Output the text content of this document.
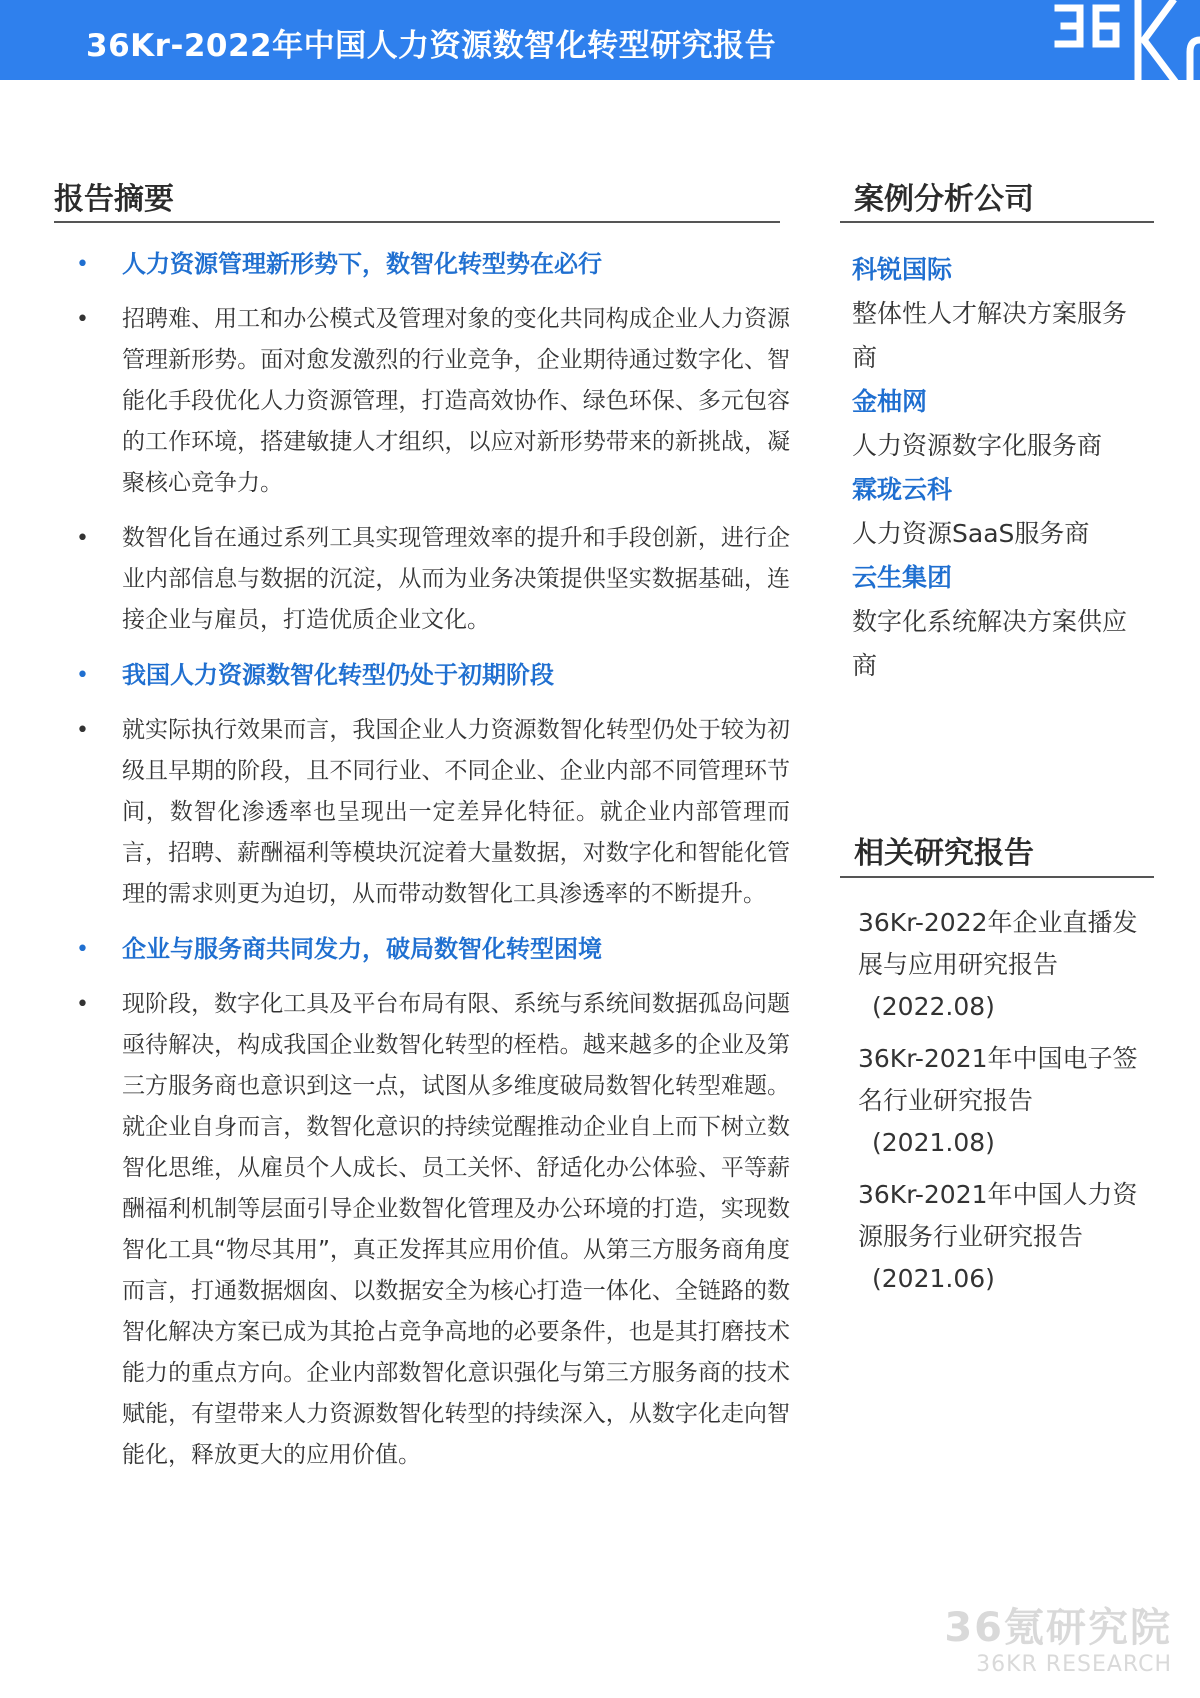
36Kr-2022年中国人力资源数智化转型研究报告
报告摘要
• 人力资源管理新形势下，数智化转型势在必行
• 招聘难、用工和办公模式及管理对象的变化共同构成企业人力资源管理新形势。面对愈发激烈的行业竞争，企业期待通过数字化、智能化手段优化人力资源管理，打造高效协作、绿色环保、多元包容的工作环境，搭建敏捷人才组织，以应对新形势带来的新挑战，凝聚核心竞争力。
• 数智化旨在通过系列工具实现管理效率的提升和手段创新，进行企业内部信息与数据的沉淀，从而为业务决策提供坚实数据基础，连接企业与雇员，打造优质企业文化。
• 我国人力资源数智化转型仍处于初期阶段
• 就实际执行效果而言，我国企业人力资源数智化转型仍处于较为初级且早期的阶段，且不同行业、不同企业、企业内部不同管理环节间，数智化渗透率也呈现出一定差异化特征。就企业内部管理而言，招聘、薪酬福利等模块沉淀着大量数据，对数字化和智能化管理的需求则更为迫切，从而带动数智化工具渗透率的不断提升。
• 企业与服务商共同发力，破局数智化转型困境
• 现阶段，数字化工具及平台布局有限、系统与系统间数据孤岛问题亟待解决，构成我国企业数智化转型的桎梏。越来越多的企业及第三方服务商也意识到这一点，试图从多维度破局数智化转型难题。就企业自身而言，数智化意识的持续觉醒推动企业自上而下树立数智化思维，从雇员个人成长、员工关怀、舒适化办公体验、平等薪酬福利机制等层面引导企业数智化管理及办公环境的打造，实现数智化工具“物尽其用”，真正发挥其应用价值。从第三方服务商角度而言，打通数据烟囱、以数据安全为核心打造一体化、全链路的数智化解决方案已成为其抢占竞争高地的必要条件，也是其打磨技术能力的重点方向。企业内部数智化意识强化与第三方服务商的技术赋能，有望带来人力资源数智化转型的持续深入，从数字化走向智能化，释放更大的应用价值。
案例分析公司
科锐国际
整体性人才解决方案服务商
金柚网
人力资源数字化服务商
霖珑云科
人力资源SaaS服务商
云生集团
数字化系统解决方案供应商
相关研究报告
36Kr-2022年企业直播发展与应用研究报告
(2022.08)
36Kr-2021年中国电子签名行业研究报告
(2021.08)
36Kr-2021年中国人力资源服务行业研究报告
(2021.06)
36氪研究院
36KR RESEARCH
